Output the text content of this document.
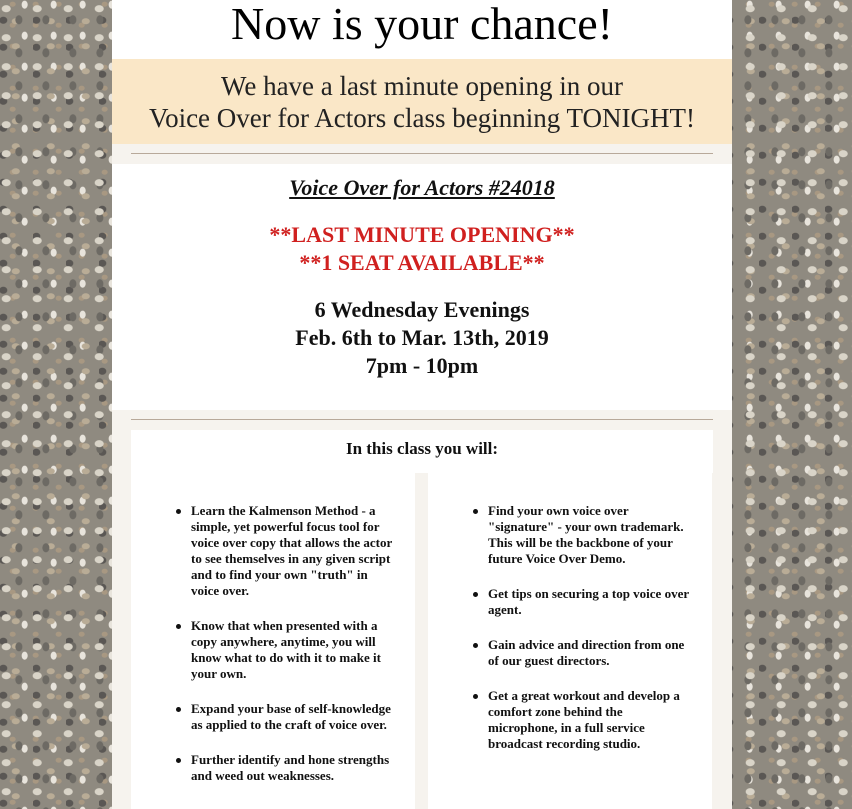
Now is your chance!
We have a last minute opening in our
Voice Over for Actors class beginning TONIGHT!

Voice Over for Actors #24018

**LAST MINUTE OPENING**
**1 SEAT AVAILABLE**
6 Wednesday Evenings
Feb. 6th to Mar. 13th, 2019
7pm - 10pm
In this class you will:
Learn the Kalmenson Method - a simple, yet powerful focus tool for voice over copy that allows the actor to see themselves in any given script and to find your own "truth" in voice over.
Know that when presented with a copy anywhere, anytime, you will know what to do with it to make it your own.
Expand your base of self-knowledge as applied to the craft of voice over.
Further identify and hone strengths and weed out weaknesses.
Find your own voice over "signature" - your own trademark. This will be the backbone of your future Voice Over Demo.
Get tips on securing a top voice over agent.
Gain advice and direction from one of our guest directors.
Get a great workout and develop a comfort zone behind the microphone, in a full service broadcast recording studio.
